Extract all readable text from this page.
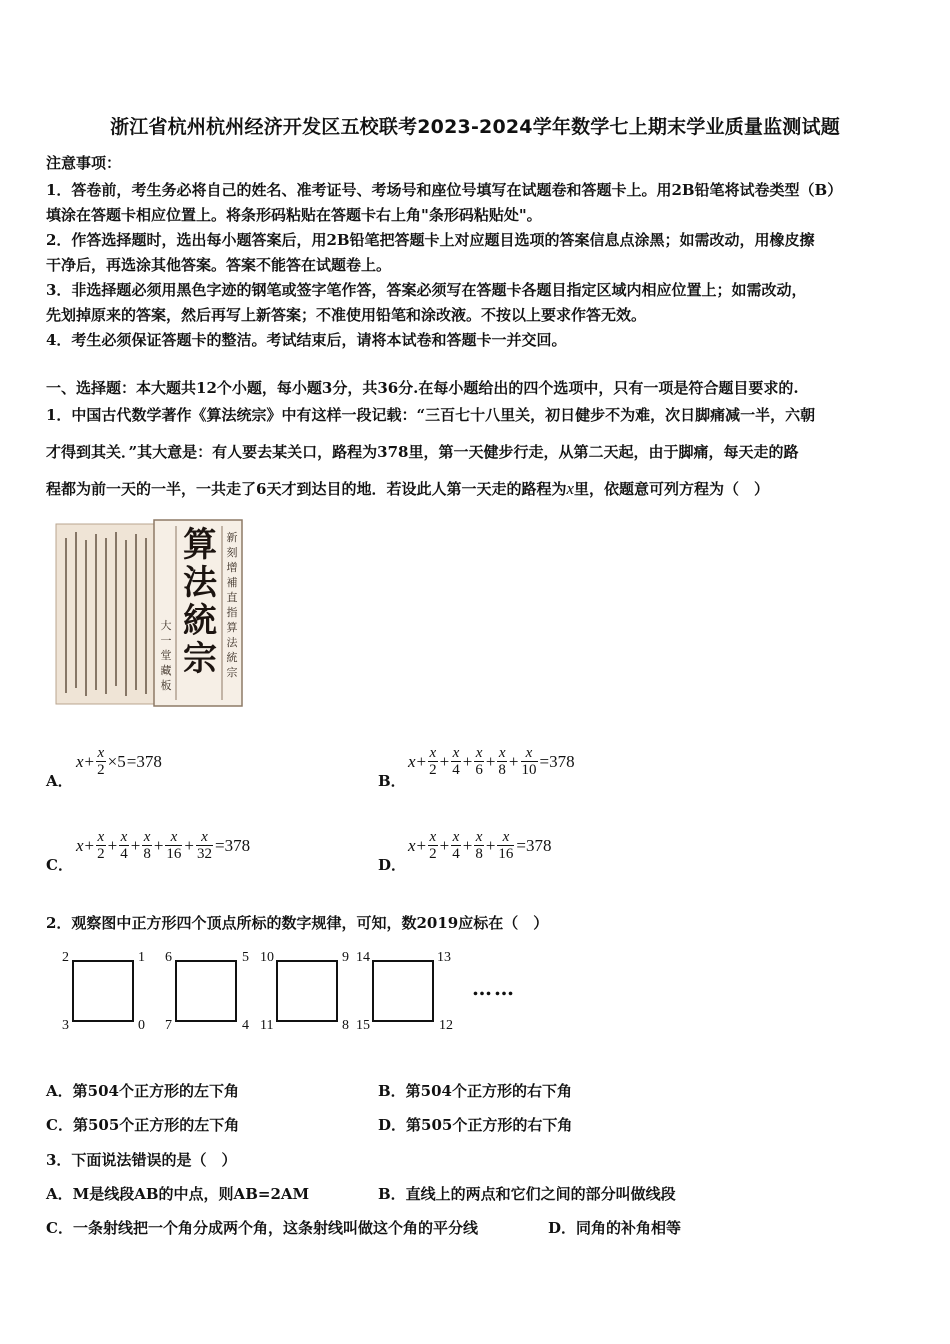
浙江省杭州杭州经济开发区五校联考2023-2024学年数学七上期末学业质量监测试题
注意事项：
1．答卷前，考生务必将自己的姓名、准考证号、考场号和座位号填写在试题卷和答题卡上。用2B铅笔将试卷类型（B）
填涂在答题卡相应位置上。将条形码粘贴在答题卡右上角"条形码粘贴处"。
2．作答选择题时，选出每小题答案后，用2B铅笔把答题卡上对应题目选项的答案信息点涂黑；如需改动，用橡皮擦
干净后，再选涂其他答案。答案不能答在试题卷上。
3．非选择题必须用黑色字迹的钢笔或签字笔作答，答案必须写在答题卡各题目指定区域内相应位置上；如需改动，
先划掉原来的答案，然后再写上新答案；不准使用铅笔和涂改液。不按以上要求作答无效。
4．考生必须保证答题卡的整洁。考试结束后，请将本试卷和答题卡一并交回。
一、选择题：本大题共12个小题，每小题3分，共36分.在每小题给出的四个选项中，只有一项是符合题目要求的.
1．中国古代数学著作《算法统宗》中有这样一段记载：“三百七十八里关，初日健步不为难，次日脚痛减一半，六朝
才得到其关．”其大意是：有人要去某关口，路程为378里，第一天健步行走，从第二天起，由于脚痛，每天走的路
程都为前一天的一半，一共走了6天才到达目的地．若设此人第一天走的路程为x里，依题意可列方程为（　）
算
法
統
宗
新刻增補直指算法統宗
大一堂藏板
A．
$x + \frac{x}{2} \times 5 =378$
B．
$x + \frac{x}{2} + \frac{x}{4} + \frac{x}{6} + \frac{x}{8} + \frac{x}{10} =378$
C．
$x + \frac{x}{2} + \frac{x}{4} + \frac{x}{8} + \frac{x}{16} + \frac{x}{32} =378$
D．
$x + \frac{x}{2} + \frac{x}{4} + \frac{x}{8} + \frac{x}{16} =378$
2．观察图中正方形四个顶点所标的数字规律，可知，数2019应标在（　）
2	1
3	0
6	5
7	4
10	9
11	8
14	13
15	12
……
A．第504个正方形的左下角	B．第504个正方形的右下角
C．第505个正方形的左下角	D．第505个正方形的右下角
3．下面说法错误的是（　）
A．M是线段AB的中点，则AB=2AM	B．直线上的两点和它们之间的部分叫做线段
C．一条射线把一个角分成两个角，这条射线叫做这个角的平分线	D．同角的补角相等
